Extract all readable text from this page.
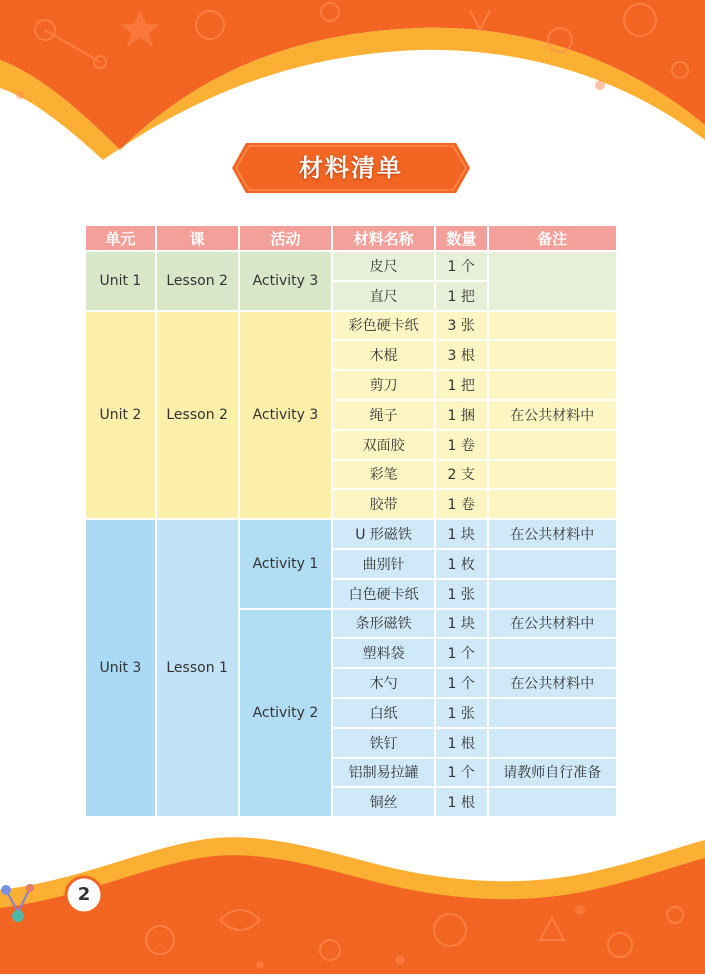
材料清单
单元	课	活动	材料名称	数量	备注
Unit 1	Lesson 2	Activity 3	皮尺	1 个	
			直尺	1 把	
Unit 2	Lesson 2	Activity 3	彩色硬卡纸	3 张	
			木棍	3 根	
			剪刀	1 把	
			绳子	1 捆	在公共材料中
			双面胶	1 卷	
			彩笔	2 支	
			胶带	1 卷	
Unit 3	Lesson 1	Activity 1	U 形磁铁	1 块	在公共材料中
			曲别针	1 枚	
			白色硬卡纸	1 张	
		Activity 2	条形磁铁	1 块	在公共材料中
			塑料袋	1 个	
			木勺	1 个	在公共材料中
			白纸	1 张	
			铁钉	1 根	
			铝制易拉罐	1 个	请教师自行准备
			铜丝	1 根	
2
